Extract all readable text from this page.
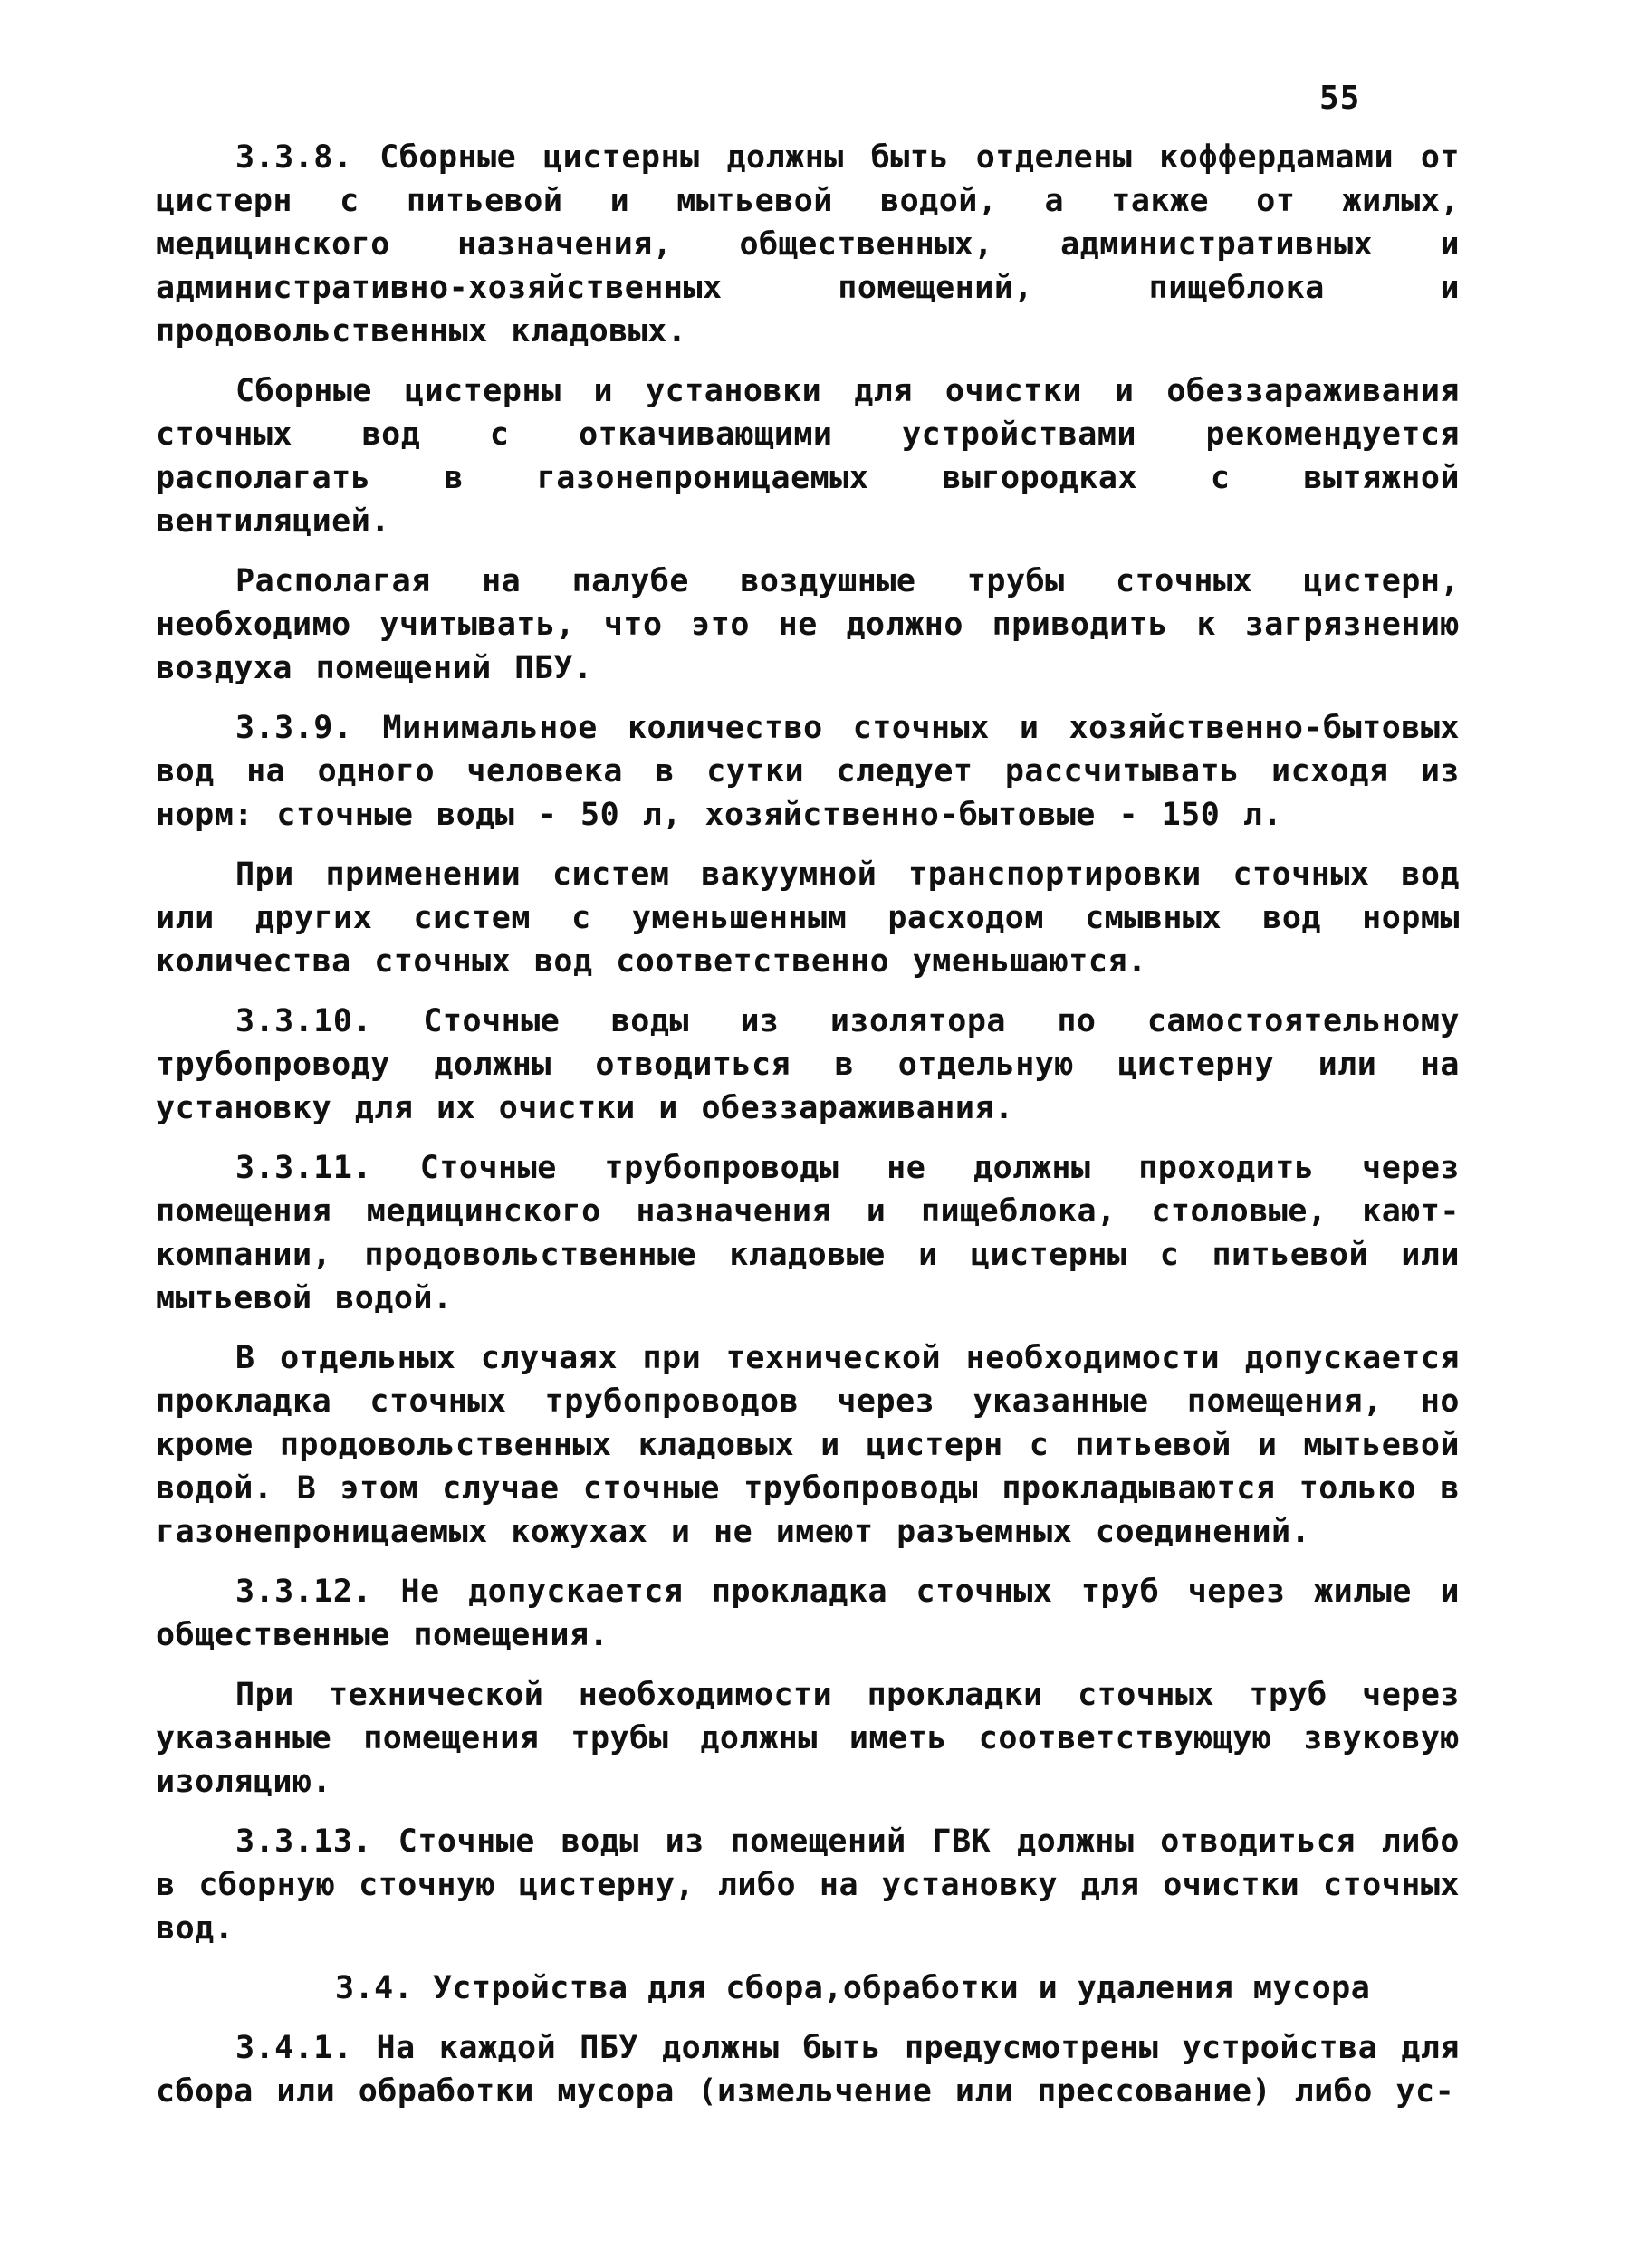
55

3.3.8. Сборные цистерны должны быть отделены коффердамами от цистерн с питьевой и мытьевой водой, а также от жилых, медицинского назначения, общественных, административных и административно-хозяйственных помещений, пищеблока и продовольственных кладовых.

Сборные цистерны и установки для очистки и обеззараживания сточных вод с откачивающими устройствами рекомендуется располагать в газонепроницаемых выгородках с вытяжной вентиляцией.

Располагая на палубе воздушные трубы сточных цистерн, необходимо учитывать, что это не должно приводить к загрязнению воздуха помещений ПБУ.

3.3.9. Минимальное количество сточных и хозяйственно-бытовых вод на одного человека в сутки следует рассчитывать исходя из норм: сточные воды - 50 л, хозяйственно-бытовые - 150 л.

При применении систем вакуумной транспортировки сточных вод или других систем с уменьшенным расходом смывных вод нормы количества сточных вод соответственно уменьшаются.

3.3.10. Сточные воды из изолятора по самостоятельному трубопроводу должны отводиться в отдельную цистерну или на установку для их очистки и обеззараживания.

3.3.11. Сточные трубопроводы не должны проходить через помещения медицинского назначения и пищеблока, столовые, кают-компании, продовольственные кладовые и цистерны с питьевой или мытьевой водой.

В отдельных случаях при технической необходимости допускается прокладка сточных трубопроводов через указанные помещения, но кроме продовольственных кладовых и цистерн с питьевой и мытьевой водой. В этом случае сточные трубопроводы прокладываются только в газонепроницаемых кожухах и не имеют разъемных соединений.

3.3.12. Не допускается прокладка сточных труб через жилые и общественные помещения.

При технической необходимости прокладки сточных труб через указанные помещения трубы должны иметь соответствующую звуковую изоляцию.

3.3.13. Сточные воды из помещений ГВК должны отводиться либо в сборную сточную цистерну, либо на установку для очистки сточных вод.

3.4. Устройства для сбора,обработки и удаления мусора

3.4.1. На каждой ПБУ должны быть предусмотрены устройства для сбора или обработки мусора (измельчение или прессование) либо ус-
